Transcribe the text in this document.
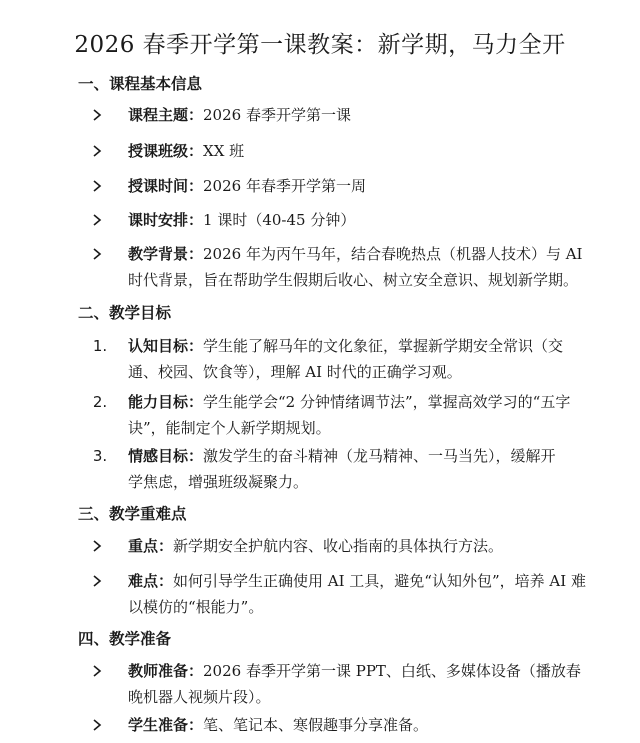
2026 春季开学第一课教案：新学期，马力全开
一、课程基本信息
课程主题：2026 春季开学第一课
授课班级：XX 班
授课时间：2026 年春季开学第一周
课时安排：1 课时（40-45 分钟）
教学背景：2026 年为丙午马年，结合春晚热点（机器人技术）与 AI
时代背景，旨在帮助学生假期后收心、树立安全意识、规划新学期。
二、教学目标
1. 认知目标：学生能了解马年的文化象征，掌握新学期安全常识（交
通、校园、饮食等），理解 AI 时代的正确学习观。
2. 能力目标：学生能学会“2 分钟情绪调节法”，掌握高效学习的“五字
诀”，能制定个人新学期规划。
3. 情感目标：激发学生的奋斗精神（龙马精神、一马当先），缓解开
学焦虑，增强班级凝聚力。
三、教学重难点
重点：新学期安全护航内容、收心指南的具体执行方法。
难点：如何引导学生正确使用 AI 工具，避免“认知外包”，培养 AI 难
以模仿的“根能力”。
四、教学准备
教师准备：2026 春季开学第一课 PPT、白纸、多媒体设备（播放春
晚机器人视频片段）。
学生准备：笔、笔记本、寒假趣事分享准备。
